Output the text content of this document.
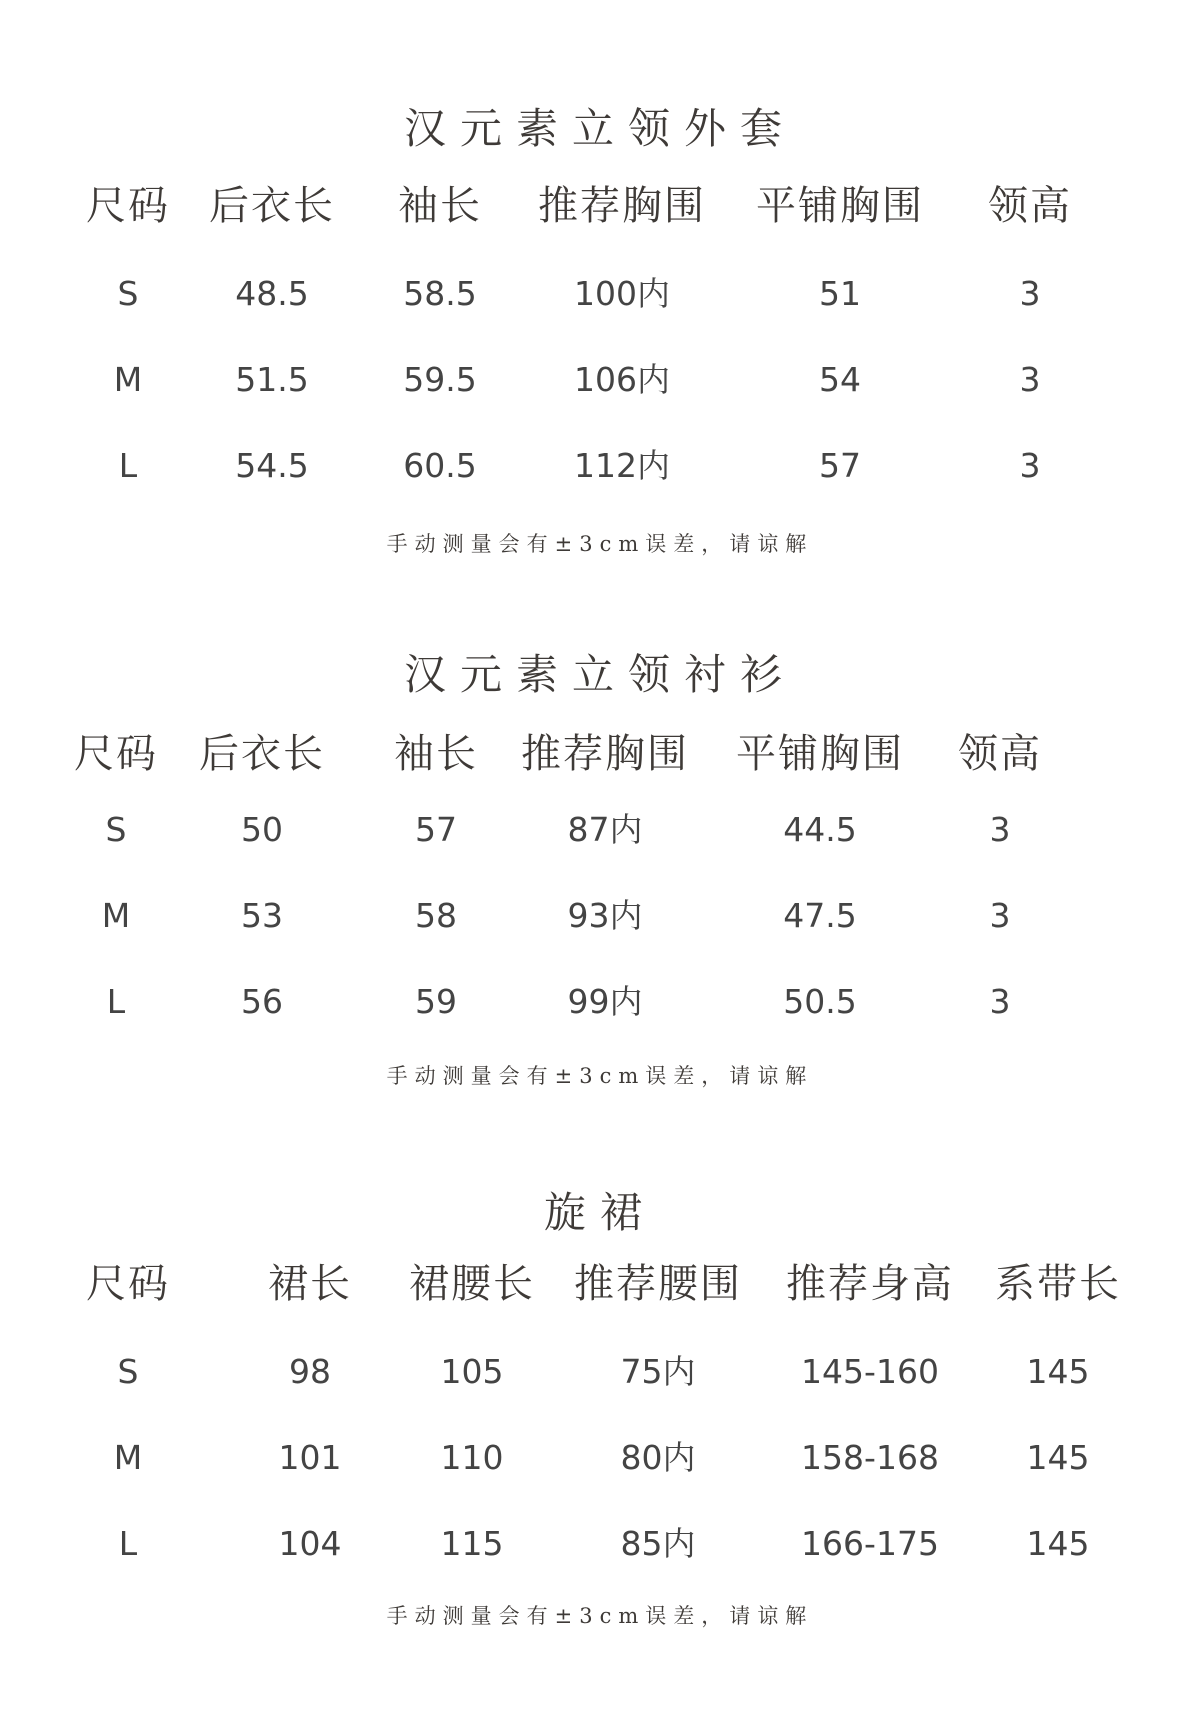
汉元素立领外套
尺码 后衣长 袖长 推荐胸围 平铺胸围 领高
S	48.5	58.5	100内	51	3
M	51.5	59.5	106内	54	3
L	54.5	60.5	112内	57	3
手动测量会有±3cm误差，请谅解
汉元素立领衬衫
尺码 后衣长 袖长 推荐胸围 平铺胸围 领高
S	50	57	87内	44.5	3
M	53	58	93内	47.5	3
L	56	59	99内	50.5	3
手动测量会有±3cm误差，请谅解
旋裙
尺码 裙长 裙腰长 推荐腰围 推荐身高 系带长
S	98	105	75内	145-160	145
M	101	110	80内	158-168	145
L	104	115	85内	166-175	145
手动测量会有±3cm误差，请谅解
